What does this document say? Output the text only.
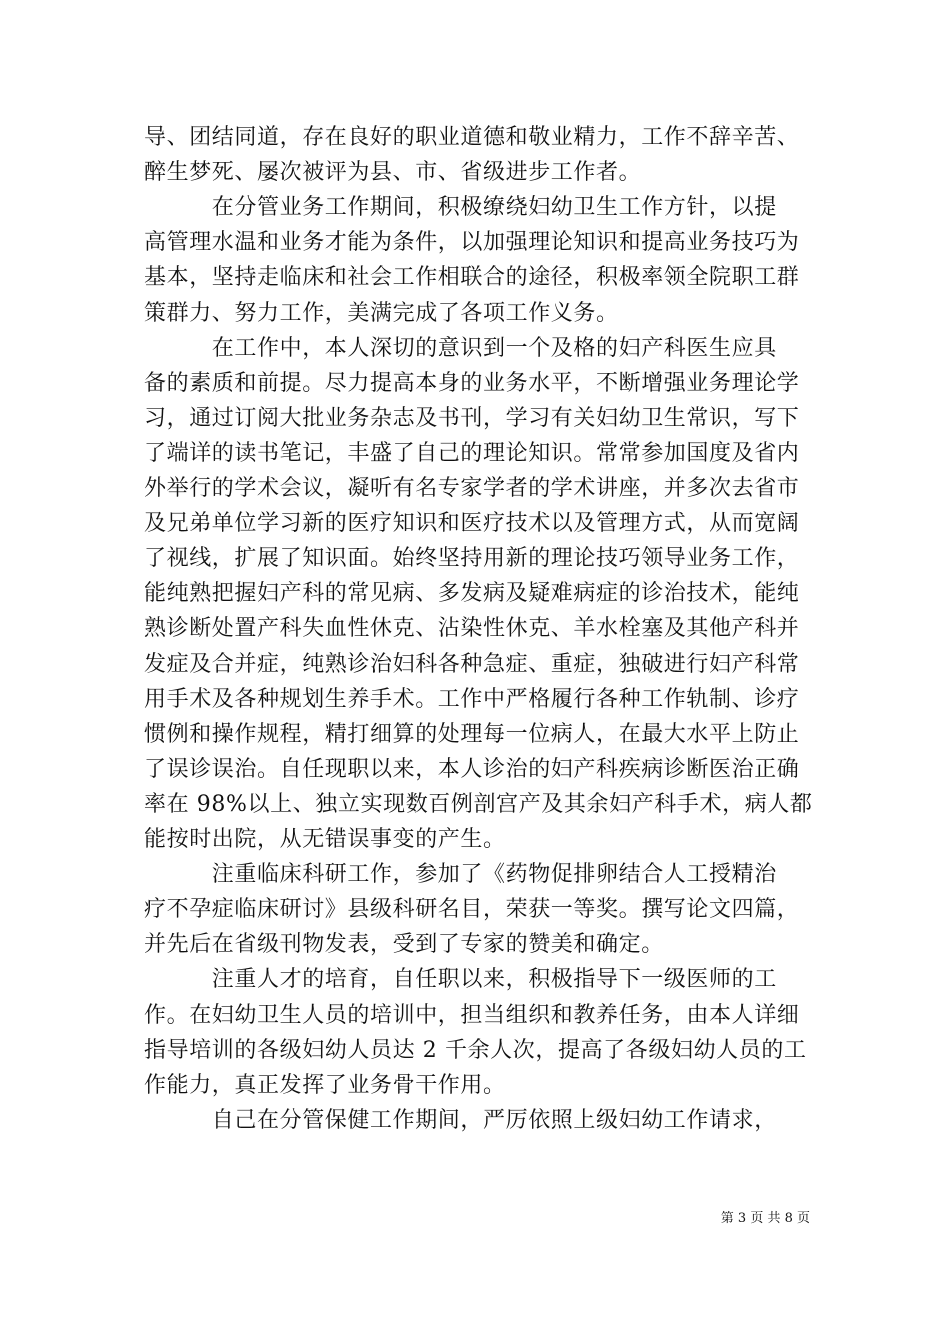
导、团结同道，存在良好的职业道德和敬业精力，工作不辞辛苦、
醉生梦死、屡次被评为县、市、省级进步工作者。
　　　在分管业务工作期间，积极缭绕妇幼卫生工作方针，以提
高管理水温和业务才能为条件，以加强理论知识和提高业务技巧为
基本，坚持走临床和社会工作相联合的途径，积极率领全院职工群
策群力、努力工作，美满完成了各项工作义务。
　　　在工作中，本人深切的意识到一个及格的妇产科医生应具
备的素质和前提。尽力提高本身的业务水平，不断增强业务理论学
习，通过订阅大批业务杂志及书刊，学习有关妇幼卫生常识，写下
了端详的读书笔记，丰盛了自己的理论知识。常常参加国度及省内
外举行的学术会议，凝听有名专家学者的学术讲座，并多次去省市
及兄弟单位学习新的医疗知识和医疗技术以及管理方式，从而宽阔
了视线，扩展了知识面。始终坚持用新的理论技巧领导业务工作，
能纯熟把握妇产科的常见病、多发病及疑难病症的诊治技术，能纯
熟诊断处置产科失血性休克、沾染性休克、羊水栓塞及其他产科并
发症及合并症，纯熟诊治妇科各种急症、重症，独破进行妇产科常
用手术及各种规划生养手术。工作中严格履行各种工作轨制、诊疗
惯例和操作规程，精打细算的处理每一位病人，在最大水平上防止
了误诊误治。自任现职以来，本人诊治的妇产科疾病诊断医治正确
率在 98%以上、独立实现数百例剖宫产及其余妇产科手术，病人都
能按时出院，从无错误事变的产生。
　　　注重临床科研工作，参加了《药物促排卵结合人工授精治
疗不孕症临床研讨》县级科研名目，荣获一等奖。撰写论文四篇，
并先后在省级刊物发表，受到了专家的赞美和确定。
　　　注重人才的培育，自任职以来，积极指导下一级医师的工
作。在妇幼卫生人员的培训中，担当组织和教养任务，由本人详细
指导培训的各级妇幼人员达 2 千余人次，提高了各级妇幼人员的工
作能力，真正发挥了业务骨干作用。
　　　自己在分管保健工作期间，严厉依照上级妇幼工作请求，
第 3 页 共 8 页
